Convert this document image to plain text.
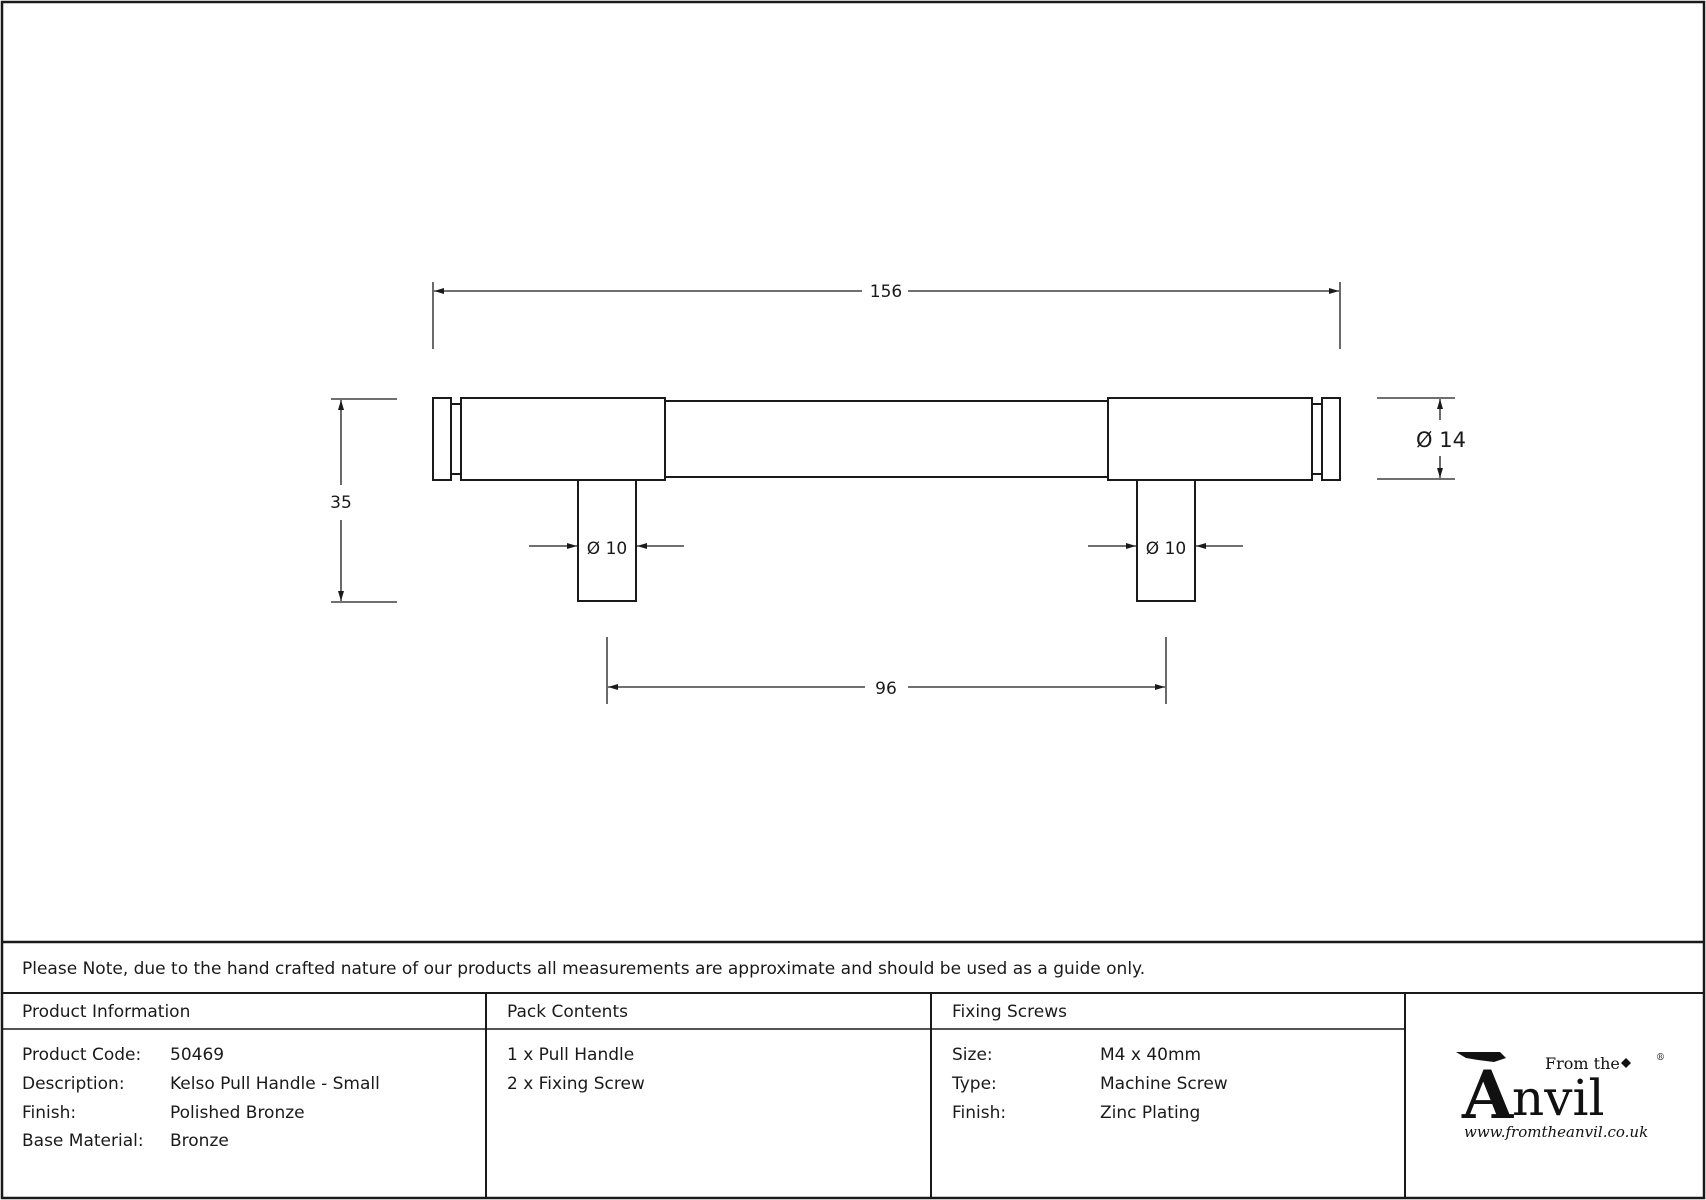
156
35
Ø 14
Ø 10	Ø 10
96
Please Note, due to the hand crafted nature of our products all measurements are approximate and should be used as a guide only.
Product Information
Product Code: 50469
Description:	Kelso Pull Handle - Small
Finish:	Polished Bronze
Base Material: Bronze
Pack Contents
1 x Pull Handle
2 x Fixing Screw
Fixing Screws
Size:	M4 x 40mm
Type:	Machine Screw
Finish:	Zinc Plating
From the	®
A
nvil
www.fromtheanvil.co.uk
